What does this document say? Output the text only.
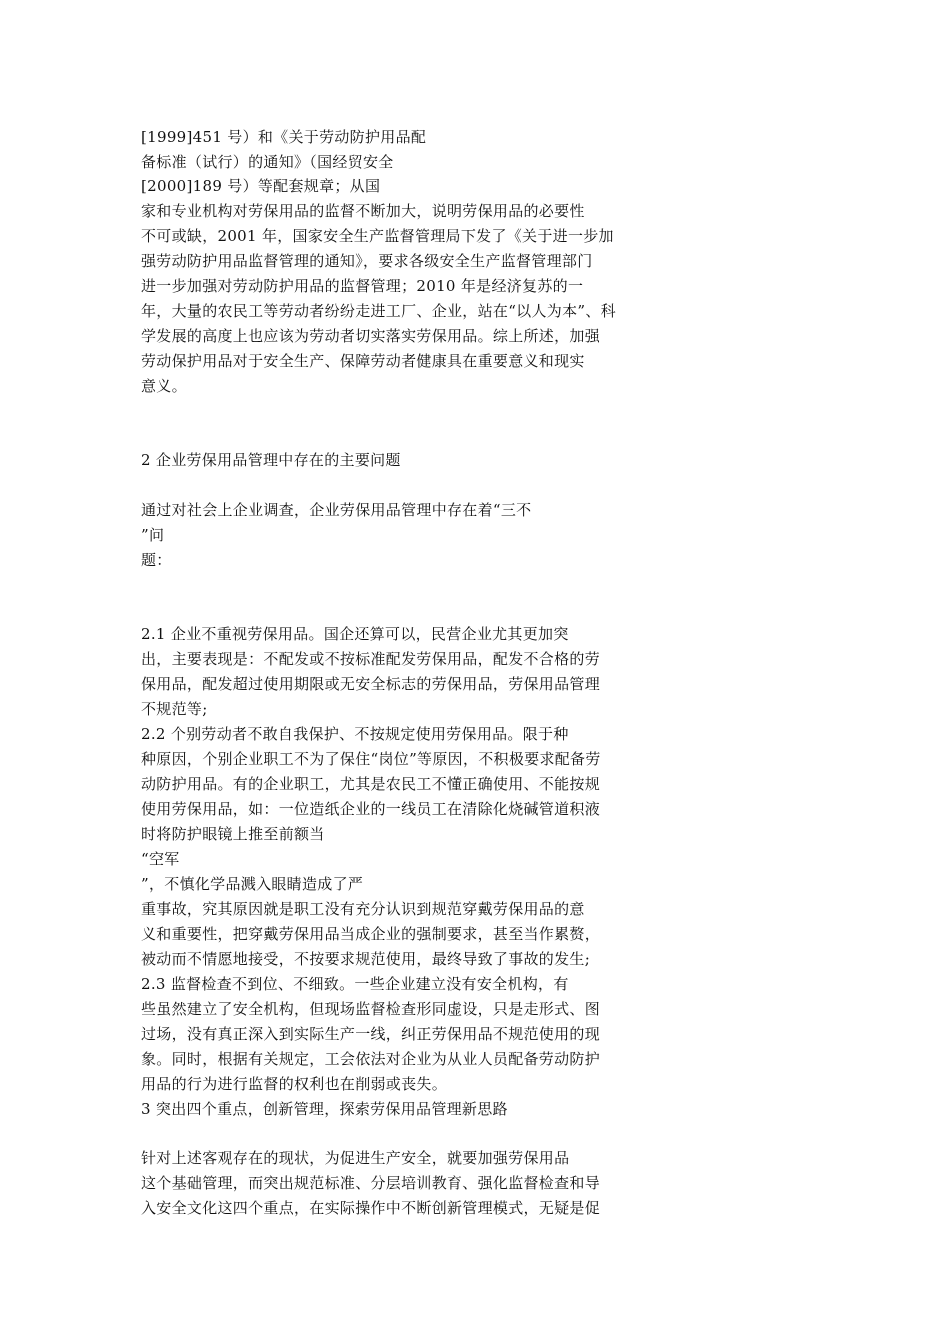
[1999]451 号）和《关于劳动防护用品配
备标准（试行）的通知》（国经贸安全
[2000]189 号）等配套规章；从国
家和专业机构对劳保用品的监督不断加大，说明劳保用品的必要性
不可或缺，2001 年，国家安全生产监督管理局下发了《关于进一步加
强劳动防护用品监督管理的通知》，要求各级安全生产监督管理部门
进一步加强对劳动防护用品的监督管理；2010 年是经济复苏的一
年，大量的农民工等劳动者纷纷走进工厂、企业，站在“以人为本”、科
学发展的高度上也应该为劳动者切实落实劳保用品。综上所述，加强
劳动保护用品对于安全生产、保障劳动者健康具在重要意义和现实
意义。
2 企业劳保用品管理中存在的主要问题
通过对社会上企业调查，企业劳保用品管理中存在着“三不
”问
题：
2.1 企业不重视劳保用品。国企还算可以，民营企业尤其更加突
出，主要表现是：不配发或不按标准配发劳保用品，配发不合格的劳
保用品，配发超过使用期限或无安全标志的劳保用品，劳保用品管理
不规范等;
2.2 个别劳动者不敢自我保护、不按规定使用劳保用品。限于种
种原因，个别企业职工不为了保住“岗位”等原因，不积极要求配备劳
动防护用品。有的企业职工，尤其是农民工不懂正确使用、不能按规
使用劳保用品，如：一位造纸企业的一线员工在清除化烧碱管道积液
时将防护眼镜上推至前额当
“空军
”，不慎化学品溅入眼睛造成了严
重事故，究其原因就是职工没有充分认识到规范穿戴劳保用品的意
义和重要性，把穿戴劳保用品当成企业的强制要求，甚至当作累赘，
被动而不情愿地接受，不按要求规范使用，最终导致了事故的发生;
2.3 监督检查不到位、不细致。一些企业建立没有安全机构，有
些虽然建立了安全机构，但现场监督检查形同虚设，只是走形式、图
过场，没有真正深入到实际生产一线，纠正劳保用品不规范使用的现
象。同时，根据有关规定，工会依法对企业为从业人员配备劳动防护
用品的行为进行监督的权利也在削弱或丧失。
3 突出四个重点，创新管理，探索劳保用品管理新思路
针对上述客观存在的现状，为促进生产安全，就要加强劳保用品
这个基础管理，而突出规范标准、分层培训教育、强化监督检查和导
入安全文化这四个重点，在实际操作中不断创新管理模式，无疑是促
